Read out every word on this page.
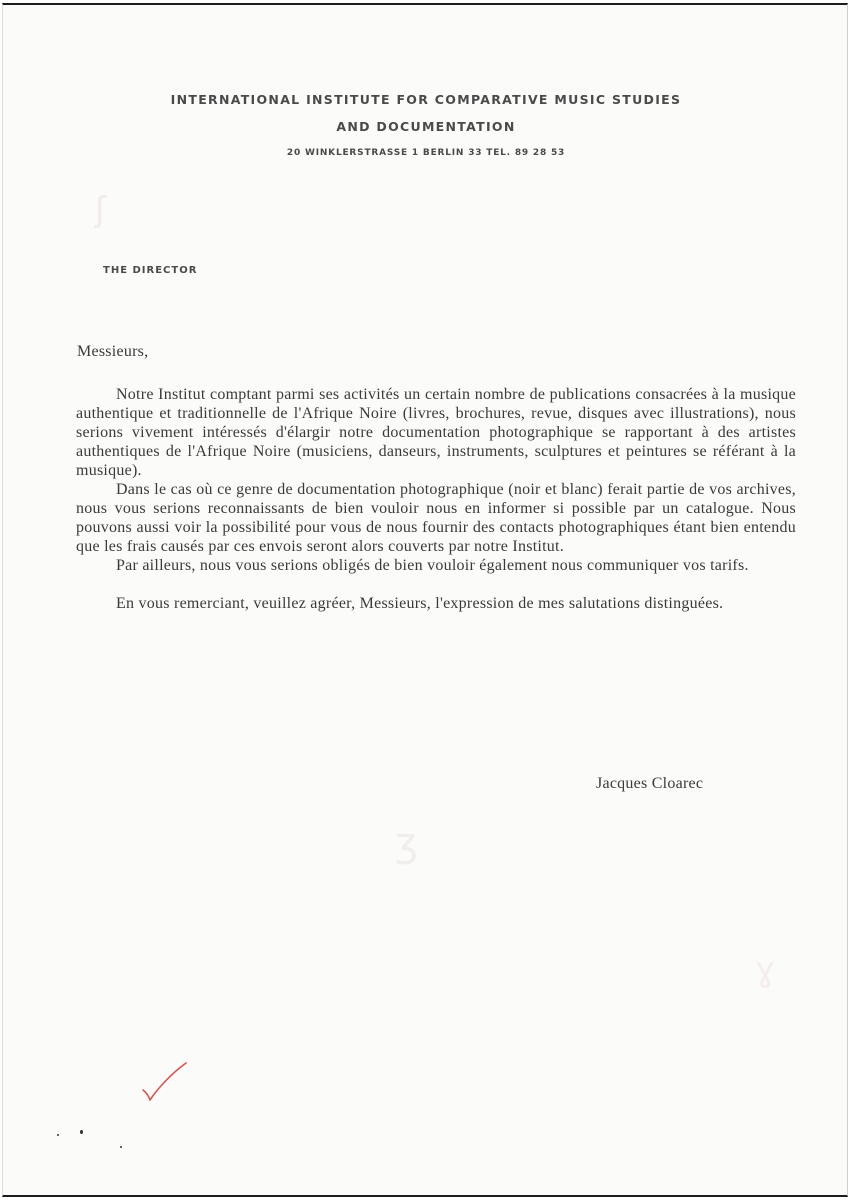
ʃ
ʒ
ɣ
INTERNATIONAL INSTITUTE FOR COMPARATIVE MUSIC STUDIES
AND DOCUMENTATION
20 WINKLERSTRASSE 1 BERLIN 33 TEL. 89 28 53
THE DIRECTOR
Messieurs,

Notre Institut comptant parmi ses activités un certain nombre de publications consacrées à la musique authentique et traditionnelle de l'Afrique Noire (livres, brochures, revue, disques avec illustrations), nous serions vivement intéressés d'élargir notre documentation photographique se rapportant à des artistes authentiques de l'Afrique Noire (musiciens, danseurs, instruments, sculptures et peintures se référant à la musique).

Dans le cas où ce genre de documentation photographique (noir et blanc) ferait partie de vos archives, nous vous serions reconnaissants de bien vouloir nous en informer si possible par un catalogue. Nous pouvons aussi voir la possibilité pour vous de nous fournir des contacts photographiques étant bien entendu que les frais causés par ces envois seront alors couverts par notre Institut.

Par ailleurs, nous vous serions obligés de bien vouloir également nous communiquer vos tarifs.

En vous remerciant, veuillez agréer, Messieurs, l'expression de mes salutations distinguées.

Jacques Cloarec
